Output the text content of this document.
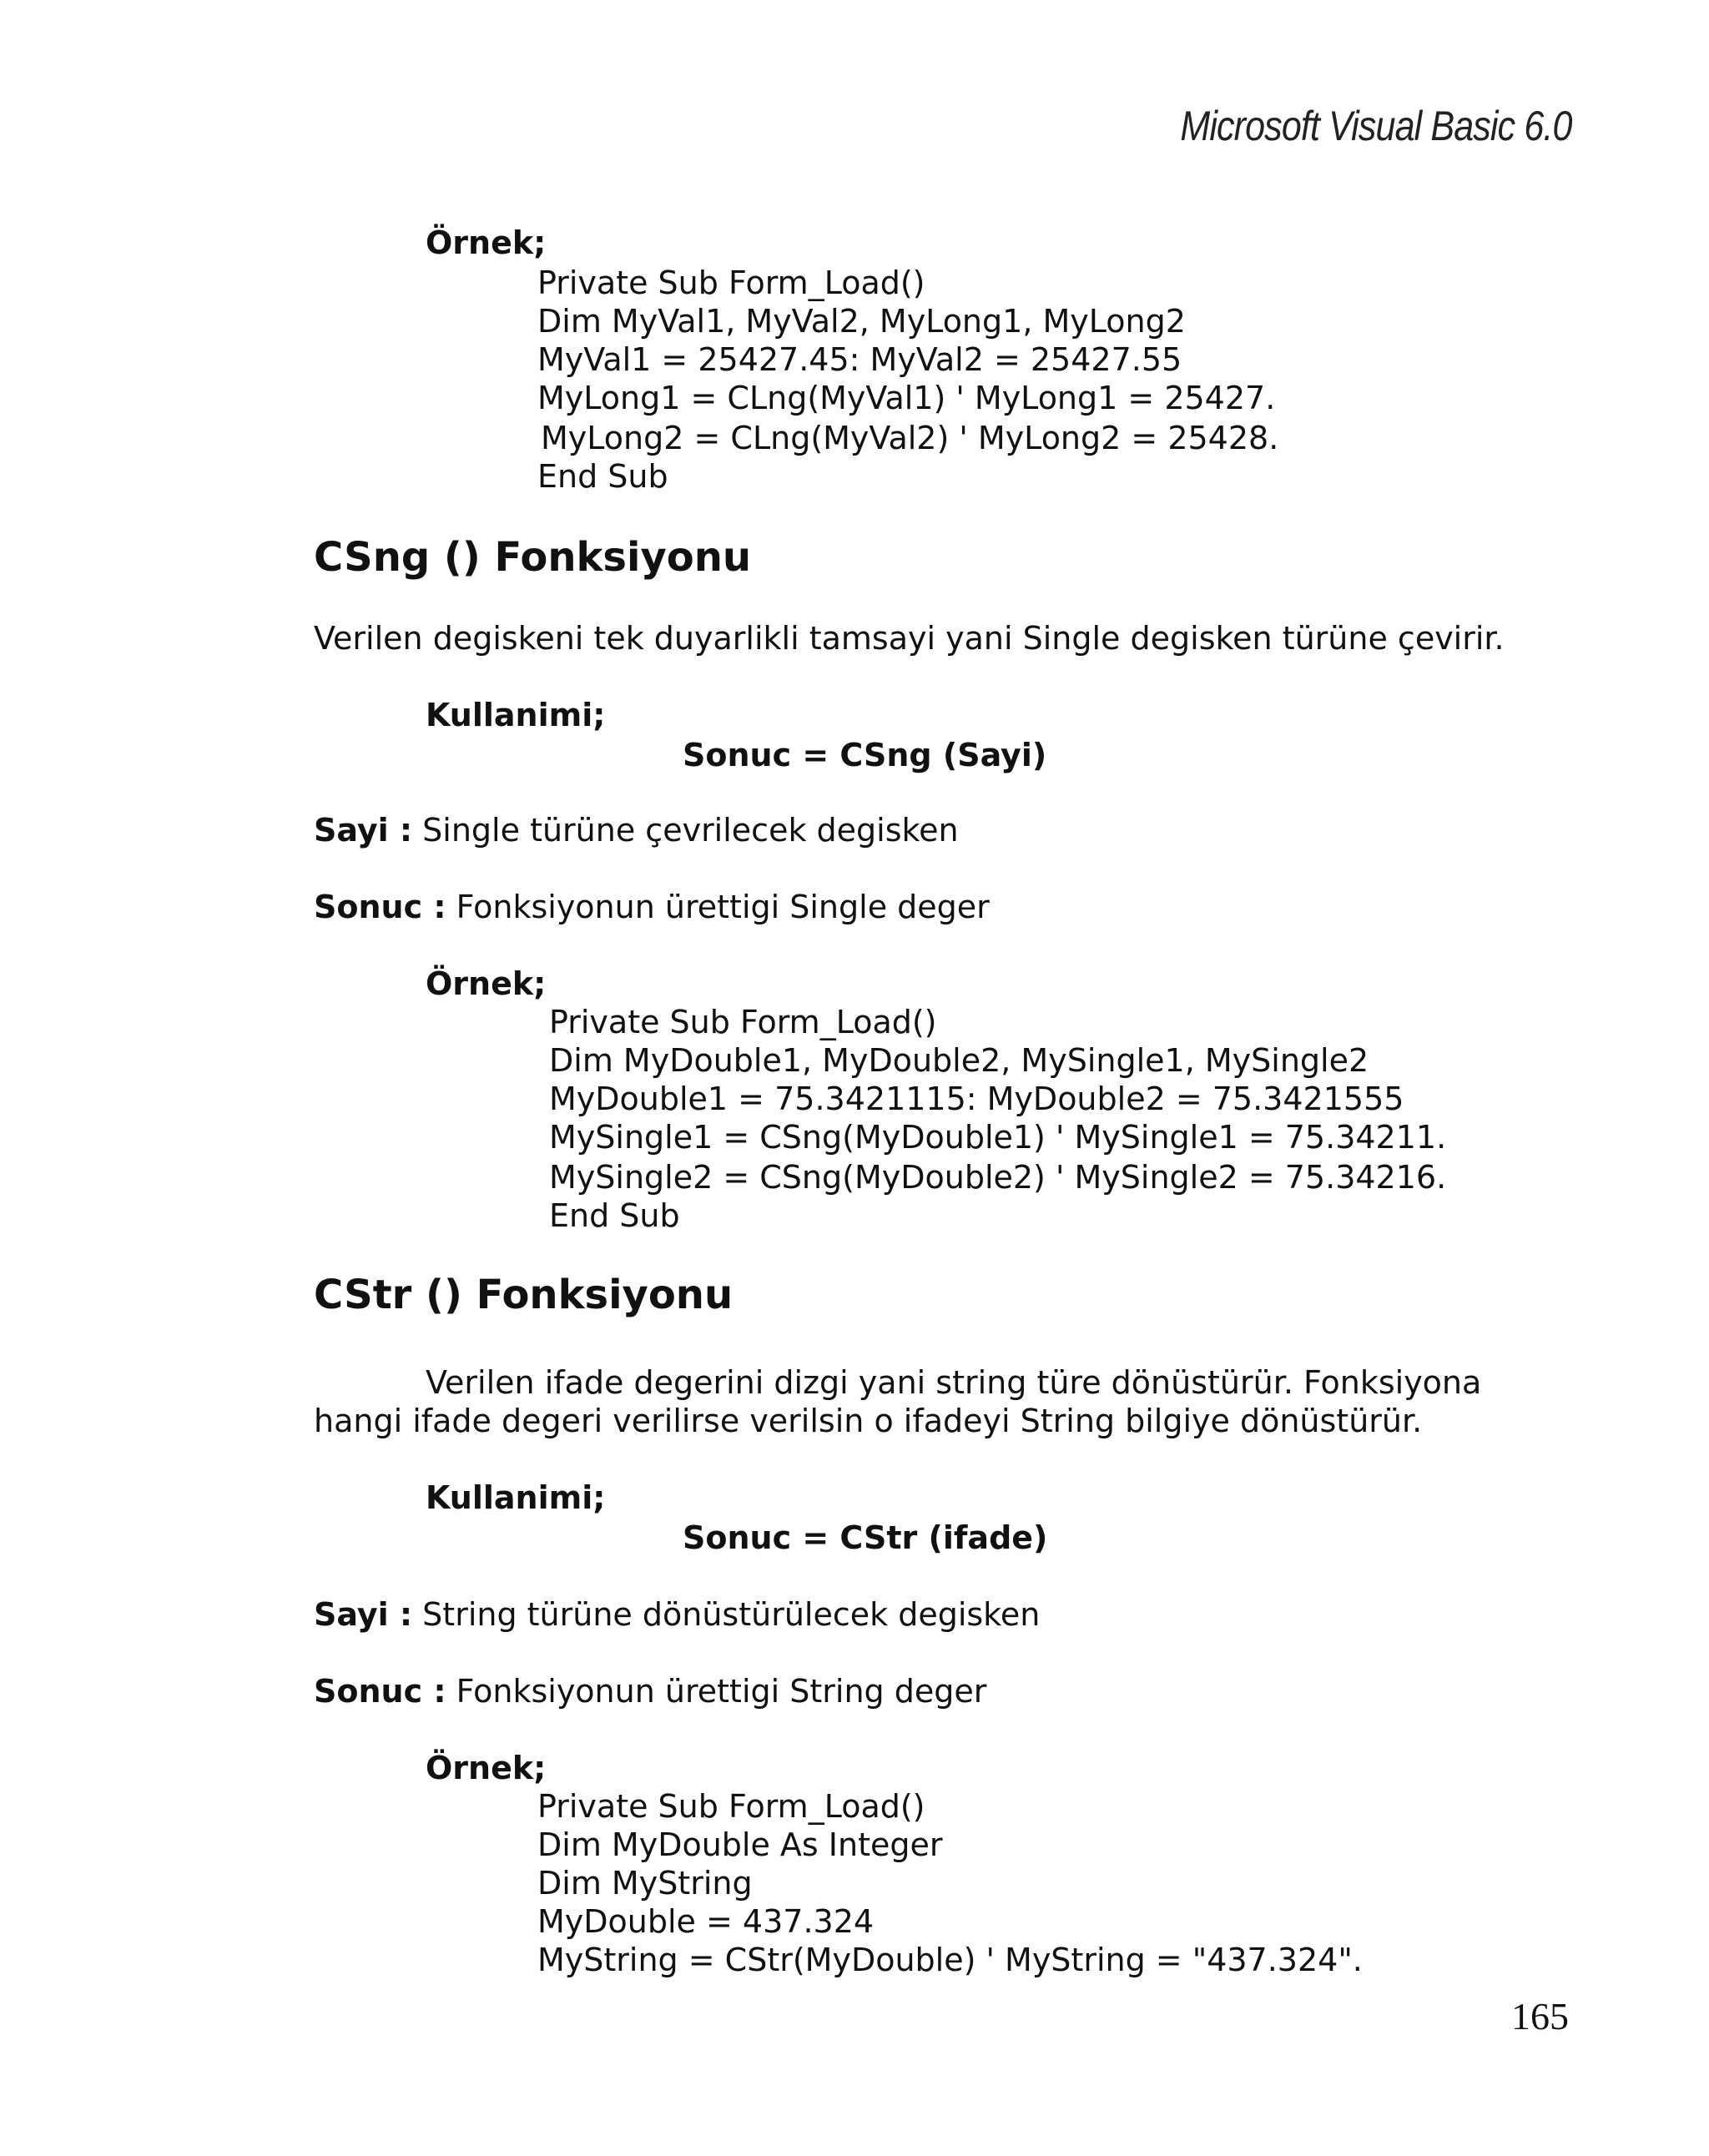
Microsoft Visual Basic 6.0
Örnek;
Private Sub Form_Load()
Dim MyVal1, MyVal2, MyLong1, MyLong2
MyVal1 = 25427.45: MyVal2 = 25427.55
MyLong1 = CLng(MyVal1) ' MyLong1 = 25427.
MyLong2 = CLng(MyVal2) ' MyLong2 = 25428.
End Sub
CSng () Fonksiyonu
Verilen degiskeni tek duyarlikli tamsayi yani Single degisken türüne çevirir.
Kullanimi;
Sonuc = CSng (Sayi)
Sayi : Single türüne çevrilecek degisken
Sonuc : Fonksiyonun ürettigi Single deger
Örnek;
Private Sub Form_Load()
Dim MyDouble1, MyDouble2, MySingle1, MySingle2
MyDouble1 = 75.3421115: MyDouble2 = 75.3421555
MySingle1 = CSng(MyDouble1) ' MySingle1 = 75.34211.
MySingle2 = CSng(MyDouble2) ' MySingle2 = 75.34216.
End Sub
CStr () Fonksiyonu
Verilen ifade degerini dizgi yani string türe dönüstürür. Fonksiyona
hangi ifade degeri verilirse verilsin o ifadeyi String bilgiye dönüstürür.
Kullanimi;
Sonuc = CStr (ifade)
Sayi : String türüne dönüstürülecek degisken
Sonuc : Fonksiyonun ürettigi String deger
Örnek;
Private Sub Form_Load()
Dim MyDouble As Integer
Dim MyString
MyDouble = 437.324
MyString = CStr(MyDouble) ' MyString = "437.324".
165
